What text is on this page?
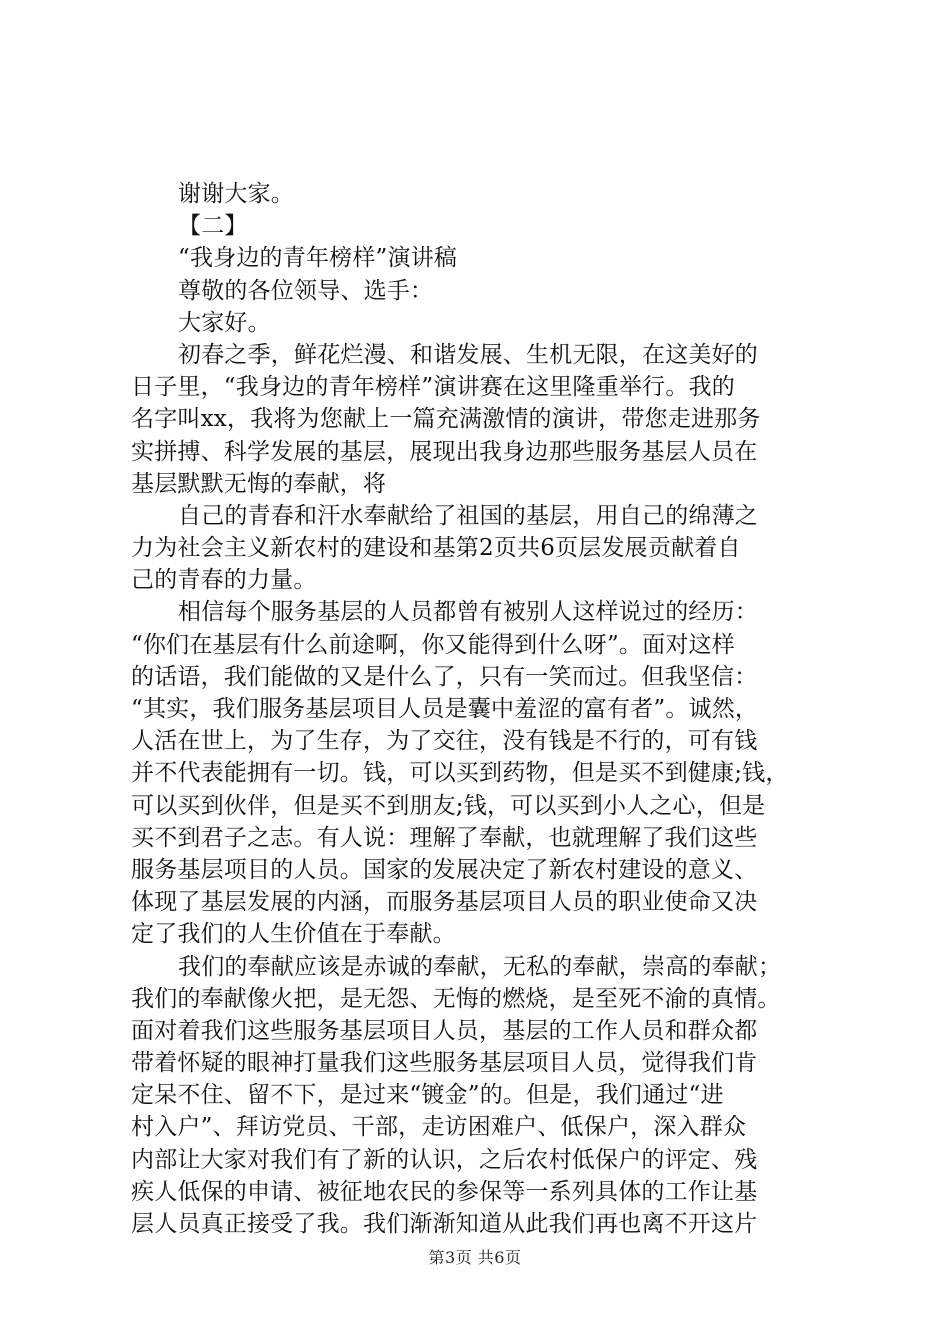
谢谢大家。
【二】
“我身边的青年榜样”演讲稿
尊敬的各位领导、选手：
大家好。
初春之季，鲜花烂漫、和谐发展、生机无限，在这美好的
日子里，“我身边的青年榜样”演讲赛在这里隆重举行。我的
名字叫xx，我将为您献上一篇充满激情的演讲，带您走进那务
实拼搏、科学发展的基层，展现出我身边那些服务基层人员在
基层默默无悔的奉献，将
自己的青春和汗水奉献给了祖国的基层，用自己的绵薄之
力为社会主义新农村的建设和基第2页共6页层发展贡献着自
己的青春的力量。
相信每个服务基层的人员都曾有被别人这样说过的经历：
“你们在基层有什么前途啊，你又能得到什么呀”。面对这样
的话语，我们能做的又是什么了，只有一笑而过。但我坚信：
“其实，我们服务基层项目人员是囊中羞涩的富有者”。诚然，
人活在世上，为了生存，为了交往，没有钱是不行的，可有钱
并不代表能拥有一切。钱，可以买到药物，但是买不到健康;钱，
可以买到伙伴，但是买不到朋友;钱，可以买到小人之心，但是
买不到君子之志。有人说：理解了奉献，也就理解了我们这些
服务基层项目的人员。国家的发展决定了新农村建设的意义、
体现了基层发展的内涵，而服务基层项目人员的职业使命又决
定了我们的人生价值在于奉献。
我们的奉献应该是赤诚的奉献，无私的奉献，崇高的奉献；
我们的奉献像火把，是无怨、无悔的燃烧，是至死不渝的真情。
面对着我们这些服务基层项目人员，基层的工作人员和群众都
带着怀疑的眼神打量我们这些服务基层项目人员，觉得我们肯
定呆不住、留不下，是过来“镀金”的。但是，我们通过“进
村入户”、拜访党员、干部，走访困难户、低保户，深入群众
内部让大家对我们有了新的认识，之后农村低保户的评定、残
疾人低保的申请、被征地农民的参保等一系列具体的工作让基
层人员真正接受了我。我们渐渐知道从此我们再也离不开这片
第3页 共6页
